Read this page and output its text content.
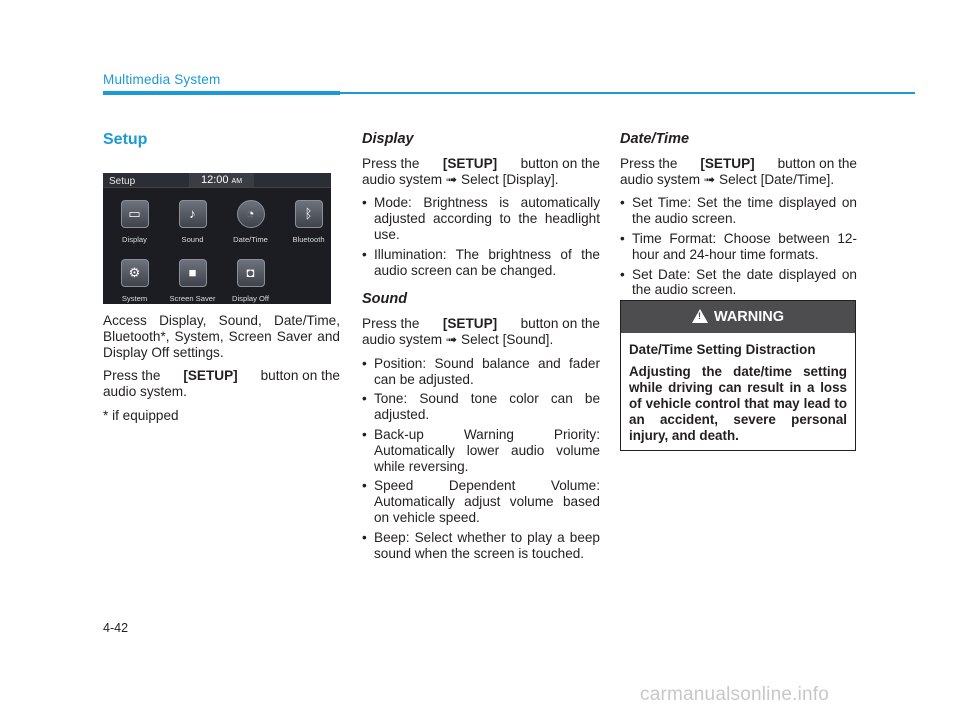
Multimedia System
Setup
Setup	12:00 AM
▭
Display
♪
Sound
◔
Date/Time
ᛒ
Bluetooth
⚙
System
■
Screen Saver
◘
Display Off

Access Display, Sound, Date/Time, Bluetooth*, System, Screen Saver and Display Off settings.

Press the [SETUP] button on the
audio system.

* if equipped

Display

Press the [SETUP] button on the
audio system ➟ Select [Display].

• Mode: Brightness is automatically adjusted according to the headlight use.
• Illumination: The brightness of the audio screen can be changed.
Sound

Press the [SETUP] button on the
audio system ➟ Select [Sound].

• Position: Sound balance and fader can be adjusted.
• Tone: Sound tone color can be adjusted.
• Back-up Warning Priority: Automatically lower audio volume while reversing.
• Speed Dependent Volume: Automatically adjust volume based on vehicle speed.
• Beep: Select whether to play a beep sound when the screen is touched.
Date/Time

Press the [SETUP] button on the
audio system ➟ Select [Date/Time].

• Set Time: Set the time displayed on the audio screen.
• Time Format: Choose between 12-hour and 24-hour time formats.
• Set Date: Set the date displayed on the audio screen.
! WARNING

Date/Time Setting Distraction

Adjusting the date/time setting while driving can result in a loss of vehicle control that may lead to an accident, severe personal injury, and death.

4-42
carmanualsonline.info
